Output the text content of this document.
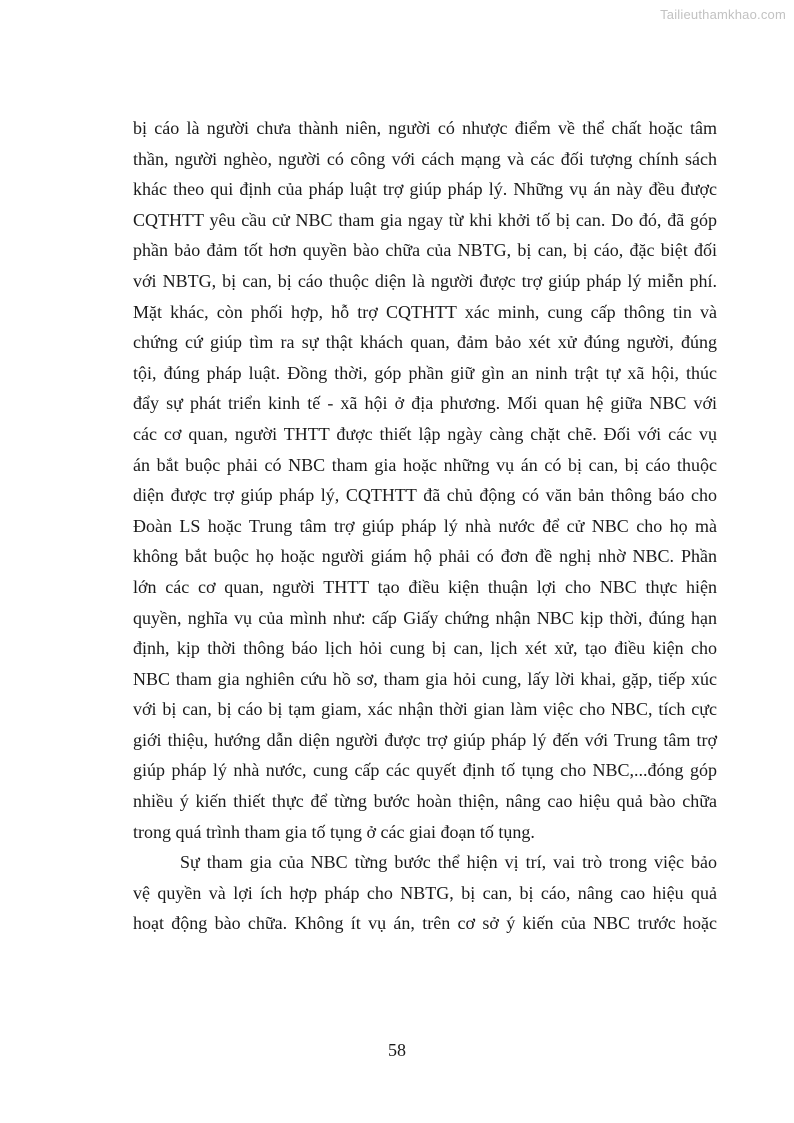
Tailieuthamkhao.com
bị cáo là người chưa thành niên, người có nhược điểm về thể chất hoặc tâm
thần, người nghèo, người có công với cách mạng và các đối tượng chính sách
khác theo qui định của pháp luật trợ giúp pháp lý. Những vụ án này đều được
CQTHTT yêu cầu cử NBC tham gia ngay từ khi khởi tố bị can. Do đó, đã góp
phần bảo đảm tốt hơn quyền bào chữa của NBTG, bị can, bị cáo, đặc biệt đối
với NBTG, bị can, bị cáo thuộc diện là người được trợ giúp pháp lý miễn phí.
Mặt khác, còn phối hợp, hỗ trợ CQTHTT xác minh, cung cấp thông tin và
chứng cứ giúp tìm ra sự thật khách quan, đảm bảo xét xử đúng người, đúng
tội, đúng pháp luật. Đồng thời, góp phần giữ gìn an ninh trật tự xã hội, thúc
đẩy sự phát triển kinh tế - xã hội ở địa phương. Mối quan hệ giữa NBC với
các cơ quan, người THTT được thiết lập ngày càng chặt chẽ. Đối với các vụ
án bắt buộc phải có NBC tham gia hoặc những vụ án có bị can, bị cáo thuộc
diện được trợ giúp pháp lý, CQTHTT đã chủ động có văn bản thông báo cho
Đoàn LS hoặc Trung tâm trợ giúp pháp lý nhà nước để cử NBC cho họ mà
không bắt buộc họ hoặc người giám hộ phải có đơn đề nghị nhờ NBC. Phần
lớn các cơ quan, người THTT tạo điều kiện thuận lợi cho NBC thực hiện
quyền, nghĩa vụ của mình như: cấp Giấy chứng nhận NBC kịp thời, đúng hạn
định, kịp thời thông báo lịch hỏi cung bị can, lịch xét xử, tạo điều kiện cho
NBC tham gia nghiên cứu hồ sơ, tham gia hỏi cung, lấy lời khai, gặp, tiếp xúc
với bị can, bị cáo bị tạm giam, xác nhận thời gian làm việc cho NBC, tích cực
giới thiệu, hướng dẫn diện người được trợ giúp pháp lý đến với Trung tâm trợ
giúp pháp lý nhà nước, cung cấp các quyết định tố tụng cho NBC,...đóng góp
nhiều ý kiến thiết thực để từng bước hoàn thiện, nâng cao hiệu quả bào chữa
trong quá trình tham gia tố tụng ở các giai đoạn tố tụng.
Sự tham gia của NBC từng bước thể hiện vị trí, vai trò trong việc bảo
vệ quyền và lợi ích hợp pháp cho NBTG, bị can, bị cáo, nâng cao hiệu quả
hoạt động bào chữa. Không ít vụ án, trên cơ sở ý kiến của NBC trước hoặc
58
